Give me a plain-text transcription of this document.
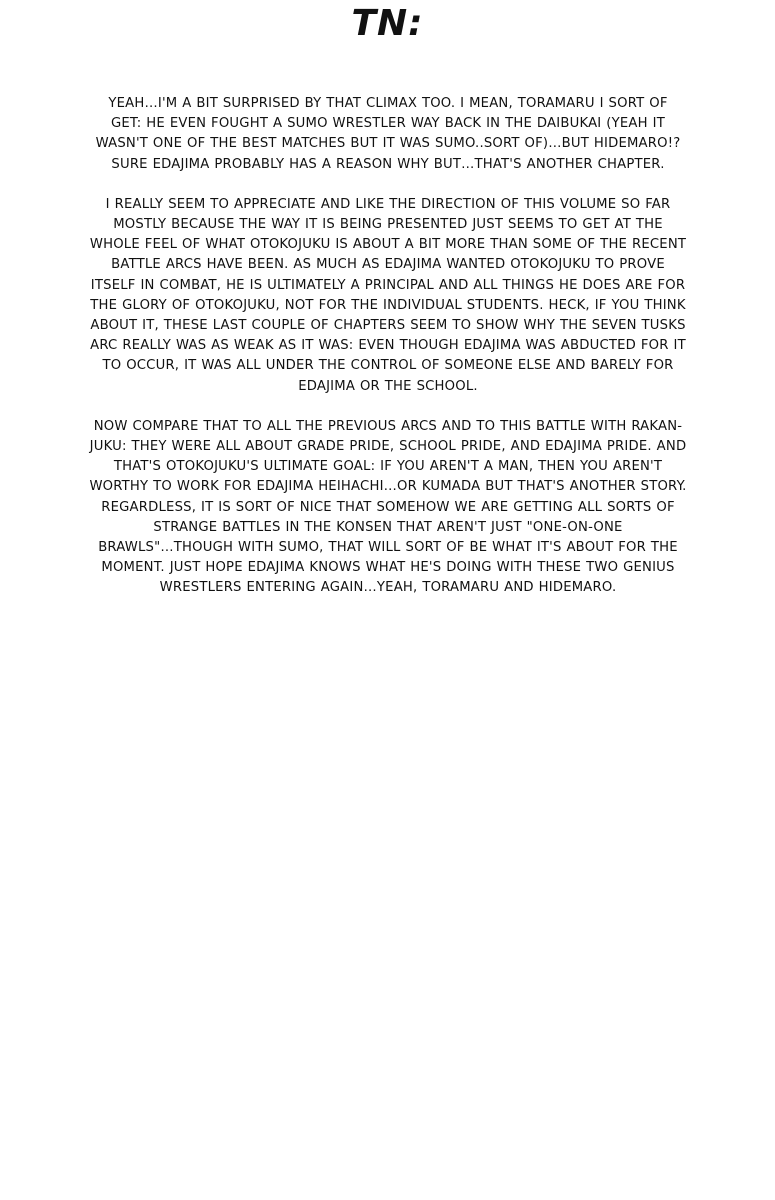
TN:

YEAH…I'M A BIT SURPRISED BY THAT CLIMAX TOO. I MEAN, TORAMARU I SORT OF
GET: HE EVEN FOUGHT A SUMO WRESTLER WAY BACK IN THE DAIBUKAI (YEAH IT
WASN'T ONE OF THE BEST MATCHES BUT IT WAS SUMO..SORT OF)…BUT HIDEMARO!?
SURE EDAJIMA PROBABLY HAS A REASON WHY BUT…THAT'S ANOTHER CHAPTER.

I REALLY SEEM TO APPRECIATE AND LIKE THE DIRECTION OF THIS VOLUME SO FAR
MOSTLY BECAUSE THE WAY IT IS BEING PRESENTED JUST SEEMS TO GET AT THE
WHOLE FEEL OF WHAT OTOKOJUKU IS ABOUT A BIT MORE THAN SOME OF THE RECENT
BATTLE ARCS HAVE BEEN. AS MUCH AS EDAJIMA WANTED OTOKOJUKU TO PROVE
ITSELF IN COMBAT, HE IS ULTIMATELY A PRINCIPAL AND ALL THINGS HE DOES ARE FOR
THE GLORY OF OTOKOJUKU, NOT FOR THE INDIVIDUAL STUDENTS. HECK, IF YOU THINK
ABOUT IT, THESE LAST COUPLE OF CHAPTERS SEEM TO SHOW WHY THE SEVEN TUSKS
ARC REALLY WAS AS WEAK AS IT WAS: EVEN THOUGH EDAJIMA WAS ABDUCTED FOR IT
TO OCCUR, IT WAS ALL UNDER THE CONTROL OF SOMEONE ELSE AND BARELY FOR
EDAJIMA OR THE SCHOOL.

NOW COMPARE THAT TO ALL THE PREVIOUS ARCS AND TO THIS BATTLE WITH RAKAN-
JUKU: THEY WERE ALL ABOUT GRADE PRIDE, SCHOOL PRIDE, AND EDAJIMA PRIDE. AND
THAT'S OTOKOJUKU'S ULTIMATE GOAL: IF YOU AREN'T A MAN, THEN YOU AREN'T
WORTHY TO WORK FOR EDAJIMA HEIHACHI…OR KUMADA BUT THAT'S ANOTHER STORY.
REGARDLESS, IT IS SORT OF NICE THAT SOMEHOW WE ARE GETTING ALL SORTS OF
STRANGE BATTLES IN THE KONSEN THAT AREN'T JUST "ONE-ON-ONE
BRAWLS"…THOUGH WITH SUMO, THAT WILL SORT OF BE WHAT IT'S ABOUT FOR THE
MOMENT. JUST HOPE EDAJIMA KNOWS WHAT HE'S DOING WITH THESE TWO GENIUS
WRESTLERS ENTERING AGAIN…YEAH, TORAMARU AND HIDEMARO.
